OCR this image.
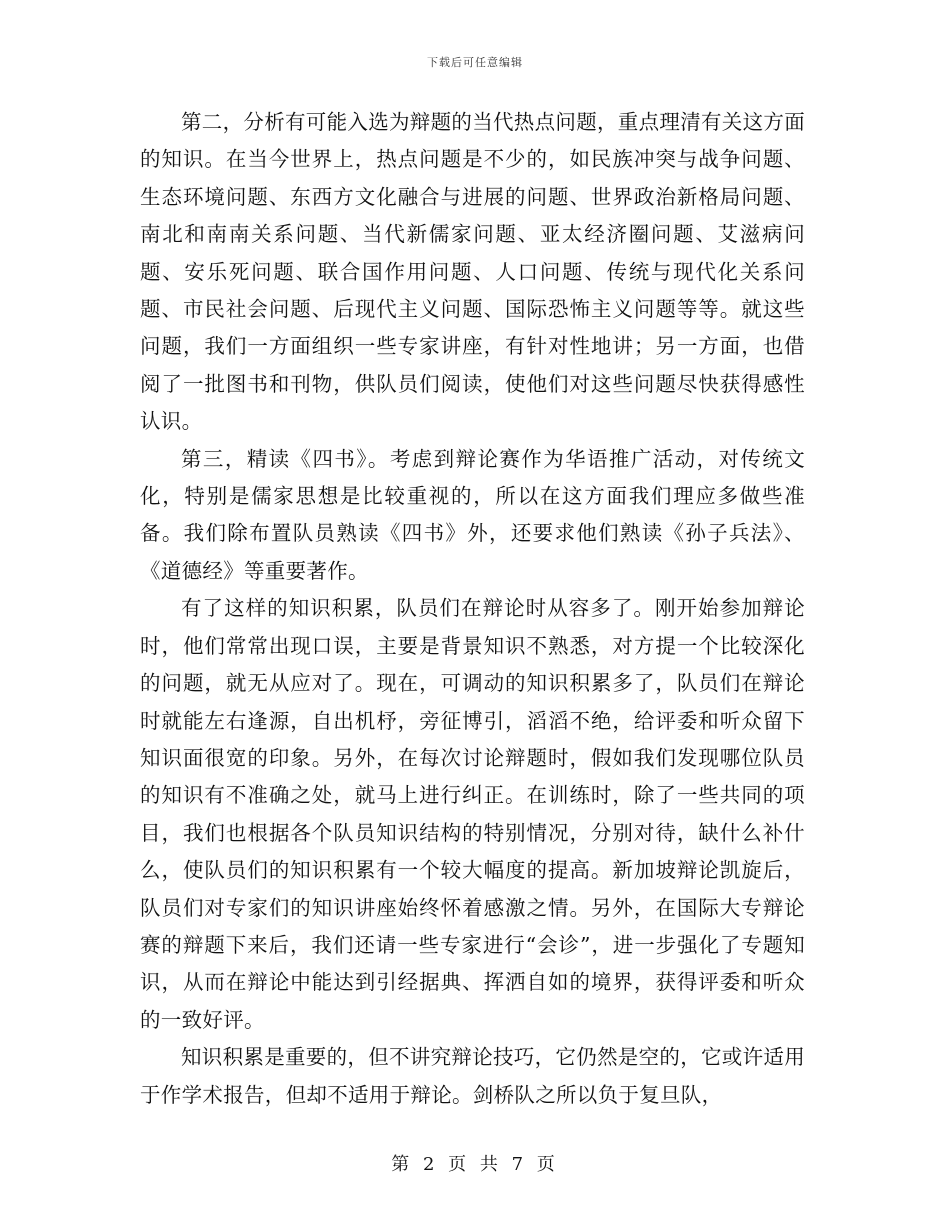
下载后可任意编辑

第二，分析有可能入选为辩题的当代热点问题，重点理清有关这方面的知识。在当今世界上，热点问题是不少的，如民族冲突与战争问题、生态环境问题、东西方文化融合与进展的问题、世界政治新格局问题、南北和南南关系问题、当代新儒家问题、亚太经济圈问题、艾滋病问题、安乐死问题、联合国作用问题、人口问题、传统与现代化关系问题、市民社会问题、后现代主义问题、国际恐怖主义问题等等。就这些问题，我们一方面组织一些专家讲座，有针对性地讲；另一方面，也借阅了一批图书和刊物，供队员们阅读，使他们对这些问题尽快获得感性认识。

第三，精读《四书》。考虑到辩论赛作为华语推广活动，对传统文化，特别是儒家思想是比较重视的，所以在这方面我们理应多做些准备。我们除布置队员熟读《四书》外，还要求他们熟读《孙子兵法》、《道德经》等重要著作。

有了这样的知识积累，队员们在辩论时从容多了。刚开始参加辩论时，他们常常出现口误，主要是背景知识不熟悉，对方提一个比较深化的问题，就无从应对了。现在，可调动的知识积累多了，队员们在辩论时就能左右逢源，自出机杼，旁征博引，滔滔不绝，给评委和听众留下知识面很宽的印象。另外，在每次讨论辩题时，假如我们发现哪位队员的知识有不准确之处，就马上进行纠正。在训练时，除了一些共同的项目，我们也根据各个队员知识结构的特别情况，分别对待，缺什么补什么，使队员们的知识积累有一个较大幅度的提高。新加坡辩论凯旋后，队员们对专家们的知识讲座始终怀着感激之情。另外，在国际大专辩论赛的辩题下来后，我们还请一些专家进行“会诊”，进一步强化了专题知识，从而在辩论中能达到引经据典、挥洒自如的境界，获得评委和听众的一致好评。

知识积累是重要的，但不讲究辩论技巧，它仍然是空的，它或许适用于作学术报告，但却不适用于辩论。剑桥队之所以负于复旦队，

第 2 页 共 7 页
